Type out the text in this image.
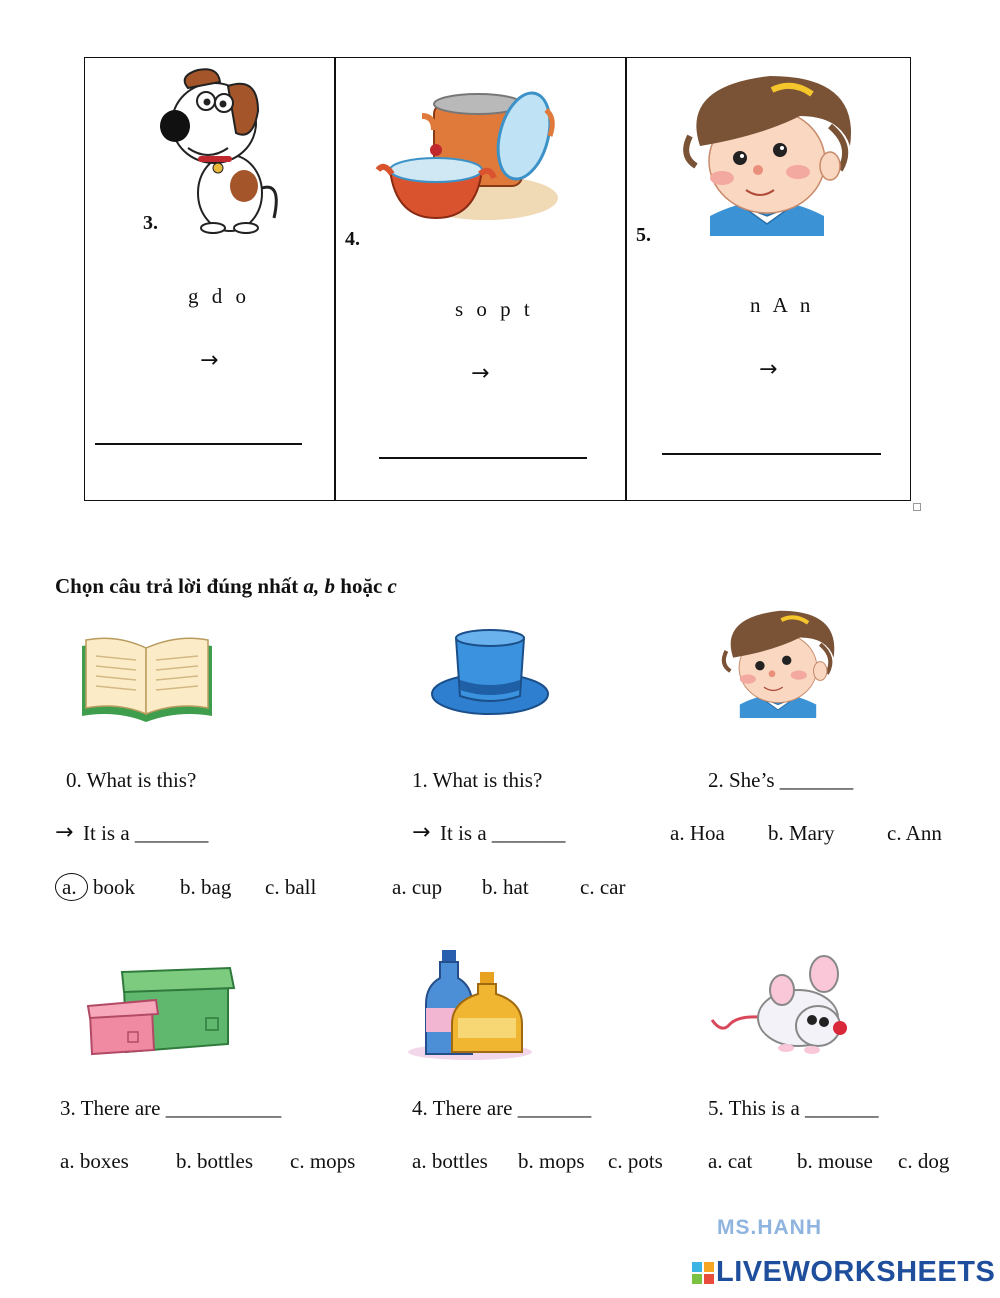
3.
g d o
→
4.
s o p t
→
5.
n A n
→
Chọn câu trả lời đúng nhất a, b hoặc c
0. What is this?	1. What is this?	2. She’s _______
→ It is a _______	→ It is a _______	a. Hoa b. Mary	c. Ann
a. book b. bag c. ball	a. cup b. hat c. car
3. There are ___________	4. There are _______	5. This is a _______
a. boxes b. bottles c. mops	a. bottles b. mops c. pots a. cat b. mouse c. dog
MS.HANH
LIVEWORKSHEETS
